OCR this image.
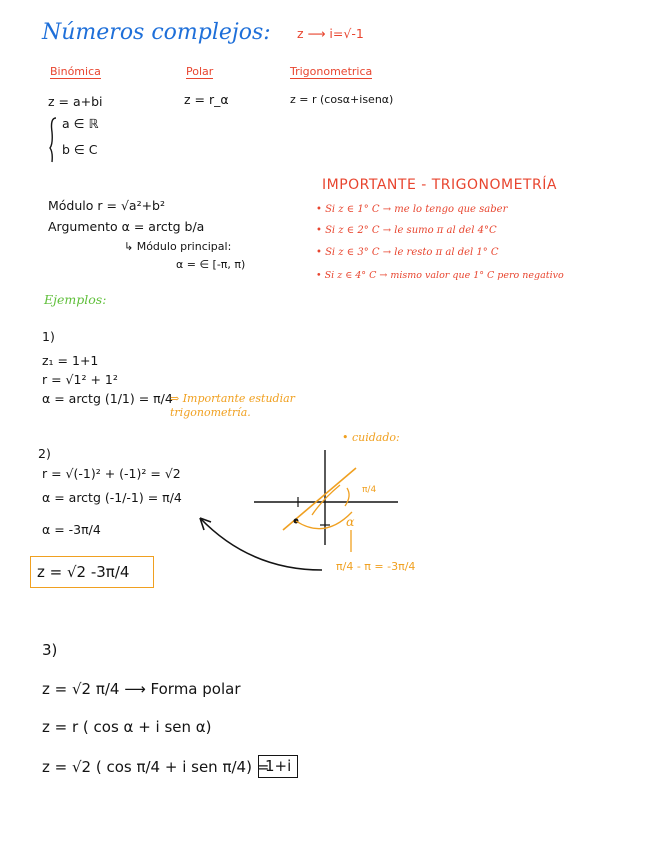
Números complejos: z ⟶ i=√-1
Binómica	Polar	Trigonometrica
z = a+bi	z = r_α	z = r (cosα+isenα)
a ∈ ℝ
b ∈ C
Módulo r = √a²+b²
Argumento α = arctg b/a
↳ Módulo principal:
α = ∈ [-π, π)
IMPORTANTE - TRIGONOMETRÍA
• Si z ∈ 1° C → me lo tengo que saber
• Si z ∈ 2° C → le sumo π al del 4°C
• Si z ∈ 3° C → le resto π al del 1° C
• Si z ∈ 4° C → mismo valor que 1° C pero negativo
Ejemplos:
1)
z₁ = 1+1
r = √1² + 1²
α = arctg (1/1) = π/4
⇒ Importante estudiar trigonometría.
2)
r = √(-1)² + (-1)² = √2
α = arctg (-1/-1) = π/4
α = -3π/4
z = √2 -3π/4
• cuidado:
π/4
α
π/4 - π = -3π/4
3)
z = √2 π/4 ⟶ Forma polar
z = r ( cos α + i sen α)
z = √2 ( cos π/4 + i sen π/4) =
1+i
